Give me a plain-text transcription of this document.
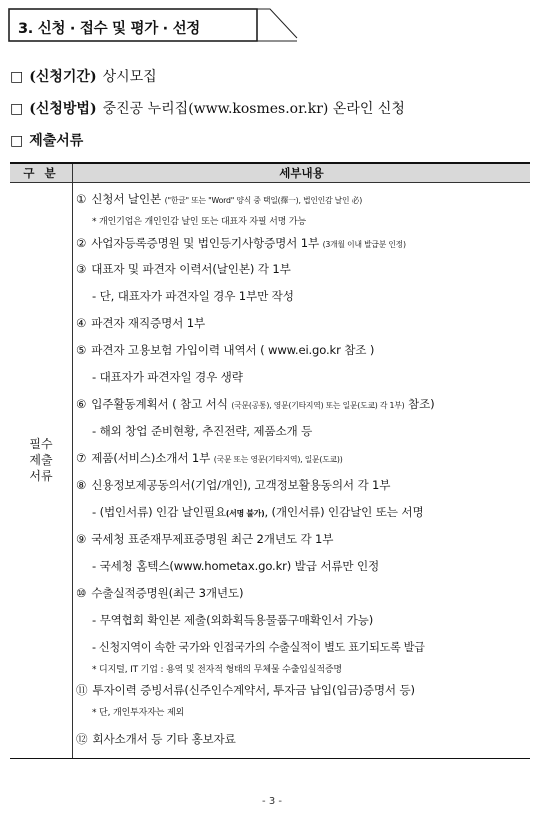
3. 신청 · 접수 및 평가 · 선정
□ (신청기간) 상시모집
□ (신청방법) 중진공 누리집(www.kosmes.or.kr) 온라인 신청
□ 제출서류
구 분	세부내용
필수
제출
서류
① 신청서 날인본 ("한글" 또는 "Word" 양식 중 택일(擇一), 법인인감 날인 必)
* 개인기업은 개인인감 날인 또는 대표자 자필 서명 가능
② 사업자등록증명원 및 법인등기사항증명서 1부 (3개월 이내 발급분 인정)
③ 대표자 및 파견자 이력서(날인본) 각 1부
- 단, 대표자가 파견자일 경우 1부만 작성
④ 파견자 재직증명서 1부
⑤ 파견자 고용보험 가입이력 내역서 ( www.ei.go.kr 참조 )
- 대표자가 파견자일 경우 생략
⑥ 입주활동계획서 ( 참고 서식 (국문(공통), 영문(기타지역) 또는 일문(도쿄) 각 1부) 참조)
- 해외 창업 준비현황, 추진전략, 제품소개 등
⑦ 제품(서비스)소개서 1부 (국문 또는 영문(기타지역), 일문(도쿄))
⑧ 신용정보제공동의서(기업/개인), 고객정보활용동의서 각 1부
- (법인서류) 인감 날인필요(서명 불가), (개인서류) 인감날인 또는 서명
⑨ 국세청 표준재무제표증명원 최근 2개년도 각 1부
- 국세청 홈텍스(www.hometax.go.kr) 발급 서류만 인정
⑩ 수출실적증명원(최근 3개년도)
- 무역협회 확인본 제출(외화획득용물품구매확인서 가능)
- 신청지역이 속한 국가와 인접국가의 수출실적이 별도 표기되도록 발급
* 디지털, IT 기업 : 용역 및 전자적 형태의 무체물 수출입실적증명
⑪ 투자이력 증빙서류(신주인수계약서, 투자금 납입(입금)증명서 등)
* 단, 개인투자자는 제외
⑫ 회사소개서 등 기타 홍보자료
- 3 -
